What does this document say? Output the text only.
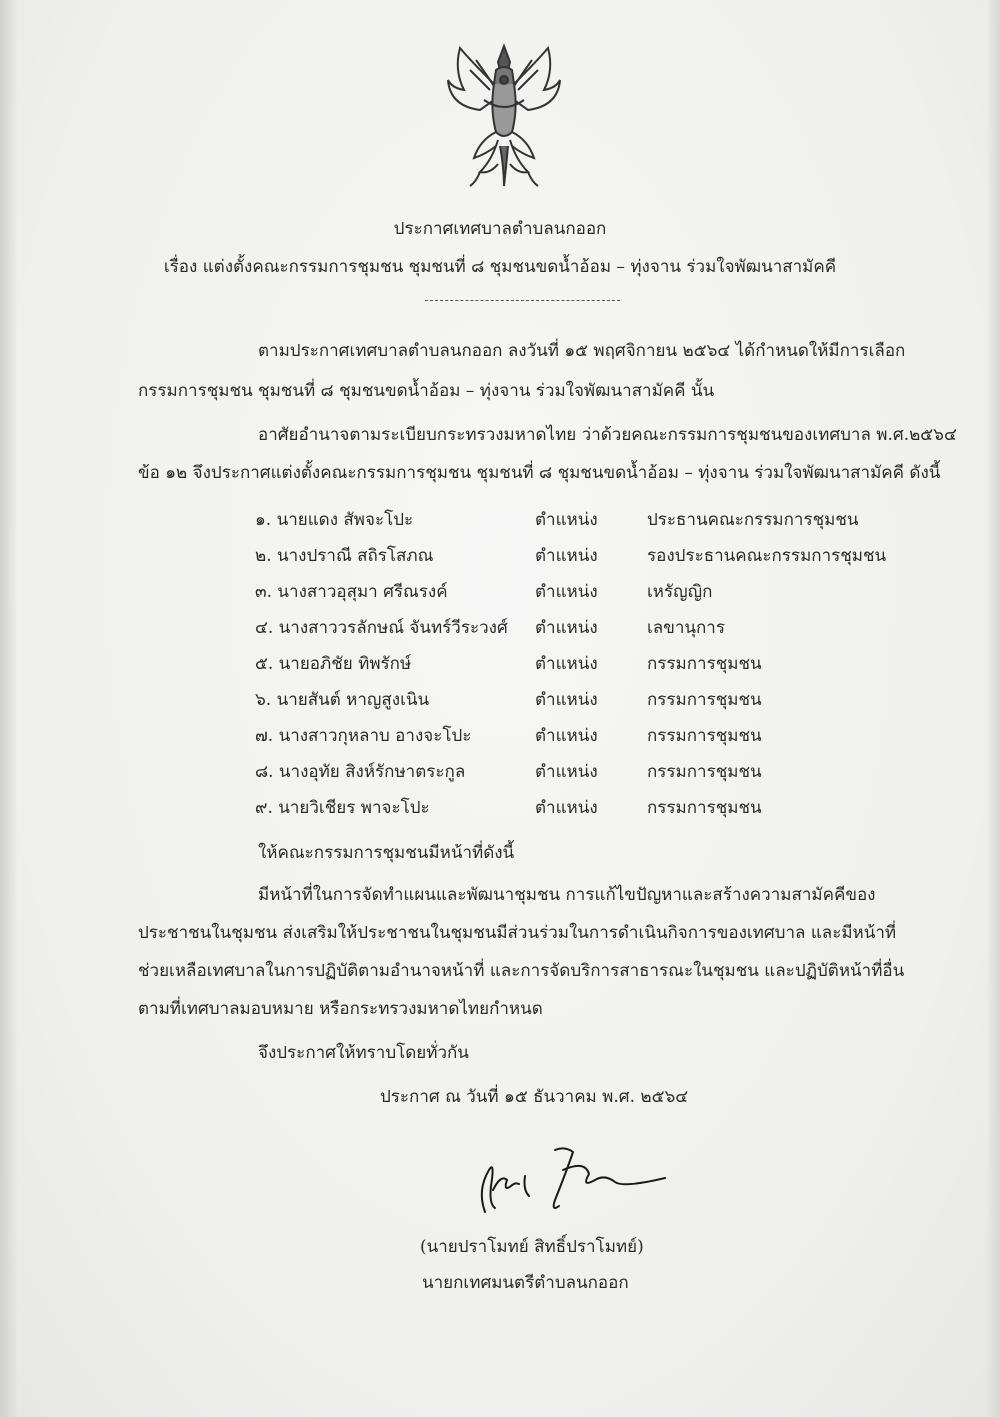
ประกาศเทศบาลตำบลนกออก
เรื่อง แต่งตั้งคณะกรรมการชุมชน ชุมชนที่ ๘ ชุมชนขดน้ำอ้อม – ทุ่งจาน ร่วมใจพัฒนาสามัคคี
ตามประกาศเทศบาลตำบลนกออก ลงวันที่ ๑๕ พฤศจิกายน ๒๕๖๔ ได้กำหนดให้มีการเลือก
กรรมการชุมชน ชุมชนที่ ๘ ชุมชนขดน้ำอ้อม – ทุ่งจาน ร่วมใจพัฒนาสามัคคี นั้น
อาศัยอำนาจตามระเบียบกระทรวงมหาดไทย ว่าด้วยคณะกรรมการชุมชนของเทศบาล พ.ศ.๒๕๖๔
ข้อ ๑๒ จึงประกาศแต่งตั้งคณะกรรมการชุมชน ชุมชนที่ ๘ ชุมชนขดน้ำอ้อม – ทุ่งจาน ร่วมใจพัฒนาสามัคคี ดังนี้
๑. นายแดง สัพจะโปะ	ตำแหน่ง	ประธานคณะกรรมการชุมชน
๒. นางปราณี สถิรโสภณ	ตำแหน่ง	รองประธานคณะกรรมการชุมชน
๓. นางสาวอุสุมา ศรีณรงค์	ตำแหน่ง	เหรัญญิก
๔. นางสาววรลักษณ์ จันทร์วีระวงศ์ ตำแหน่ง	เลขานุการ
๕. นายอภิชัย ทิพรักษ์	ตำแหน่ง	กรรมการชุมชน
๖. นายสันต์ หาญสูงเนิน	ตำแหน่ง	กรรมการชุมชน
๗. นางสาวกุหลาบ อางจะโปะ	ตำแหน่ง	กรรมการชุมชน
๘. นางอุทัย สิงห์รักษาตระกูล	ตำแหน่ง	กรรมการชุมชน
๙. นายวิเชียร พาจะโปะ	ตำแหน่ง	กรรมการชุมชน
ให้คณะกรรมการชุมชนมีหน้าที่ดังนี้
มีหน้าที่ในการจัดทำแผนและพัฒนาชุมชน การแก้ไขปัญหาและสร้างความสามัคคีของ
ประชาชนในชุมชน ส่งเสริมให้ประชาชนในชุมชนมีส่วนร่วมในการดำเนินกิจการของเทศบาล และมีหน้าที่
ช่วยเหลือเทศบาลในการปฏิบัติตามอำนาจหน้าที่ และการจัดบริการสาธารณะในชุมชน และปฏิบัติหน้าที่อื่น
ตามที่เทศบาลมอบหมาย หรือกระทรวงมหาดไทยกำหนด
จึงประกาศให้ทราบโดยทั่วกัน
ประกาศ ณ วันที่ ๑๕ ธันวาคม พ.ศ. ๒๕๖๔
(นายปราโมทย์ สิทธิ์ปราโมทย์)
นายกเทศมนตรีตำบลนกออก
